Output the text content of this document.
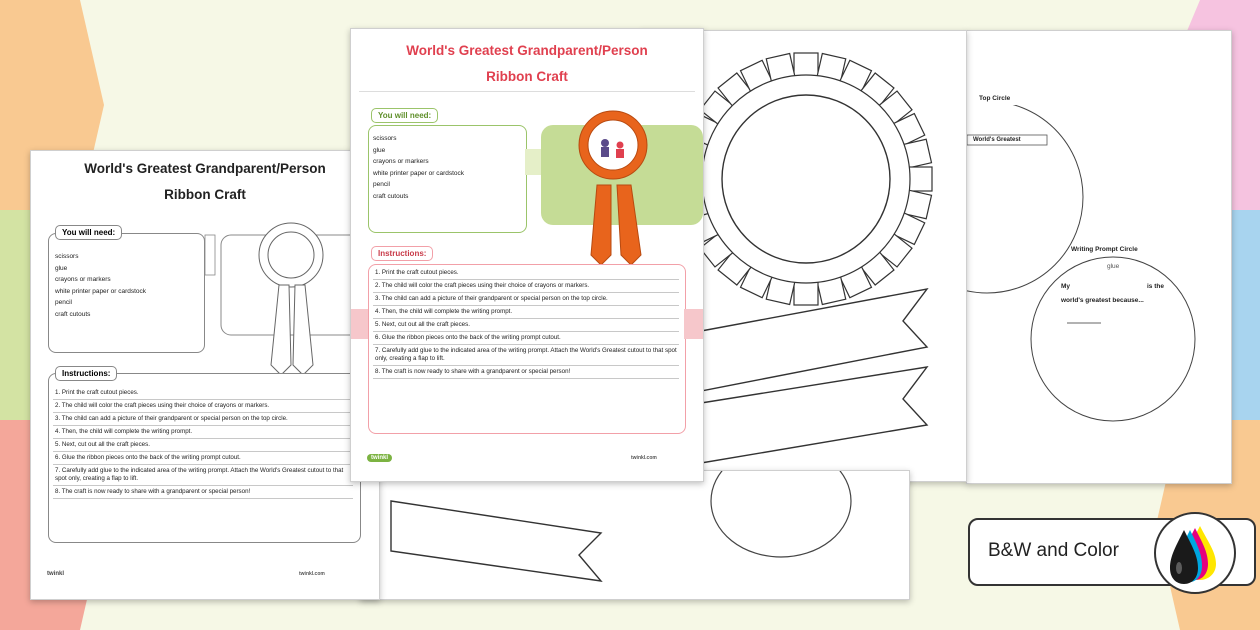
Top Circle
World's Greatest
Writing Prompt Circle
glue
My	is the
world's greatest because...
World's Greatest Grandparent/Person
Ribbon Craft
You will need:
scissors
glue
crayons or markers
white printer paper or cardstock
pencil
craft cutouts
Instructions:
1. Print the craft cutout pieces.
2. The child will color the craft pieces using their choice of crayons or markers.
3. The child can add a picture of their grandparent or special person on the top circle.
4. Then, the child will complete the writing prompt.
5. Next, cut out all the craft pieces.
6. Glue the ribbon pieces onto the back of the writing prompt cutout.
7. Carefully add glue to the indicated area of the writing prompt. Attach the World's Greatest cutout to that spot only, creating a flap to lift.
8. The craft is now ready to share with a grandparent or special person!
twinkl	twinkl.com
World's Greatest Grandparent/Person
Ribbon Craft
You will need:
scissors
glue
crayons or markers
white printer paper or cardstock
pencil
craft cutouts
Instructions:
1. Print the craft cutout pieces.
2. The child will color the craft pieces using their choice of crayons or markers.
3. The child can add a picture of their grandparent or special person on the top circle.
4. Then, the child will complete the writing prompt.
5. Next, cut out all the craft pieces.
6. Glue the ribbon pieces onto the back of the writing prompt cutout.
7. Carefully add glue to the indicated area of the writing prompt. Attach the World's Greatest cutout to that spot only, creating a flap to lift.
8. The craft is now ready to share with a grandparent or special person!
twinkl	twinkl.com
B&W and Color
